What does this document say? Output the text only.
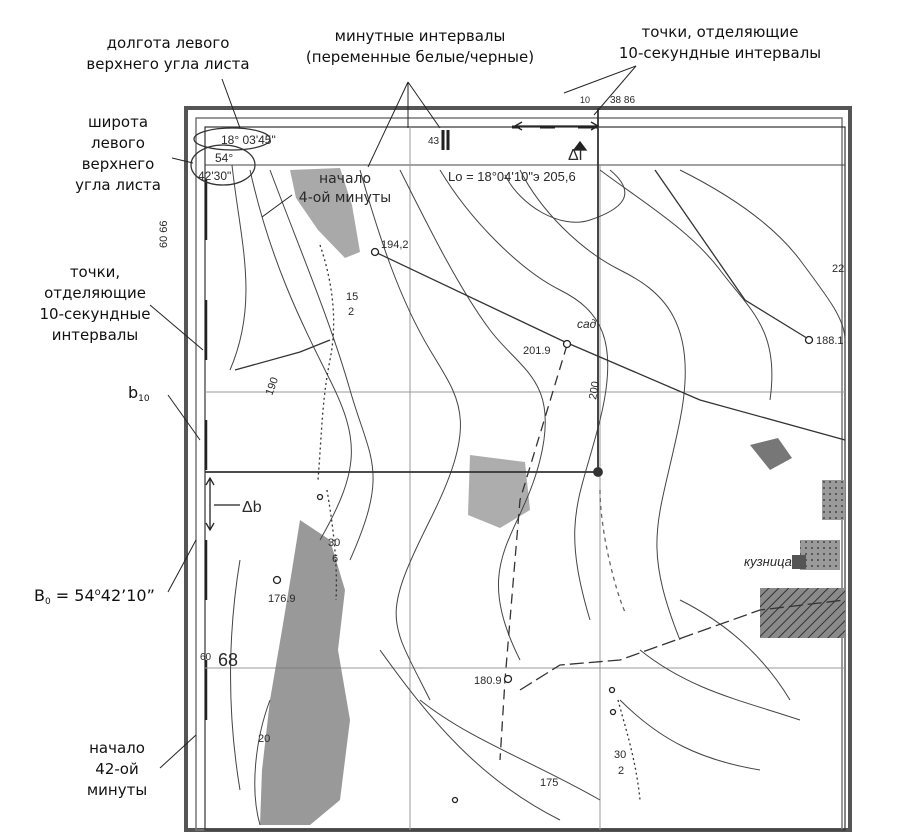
18° 03'45"
54°
42'30"
43
10 38 86
60 66
60 68
Lo = 18°04'10"э 205,6
194,2
201.9
188.1
176.9
180.9
200
175
190
22
15
2
30
6
30
2
20
сад
кузница
Δl
Δb
долгота левого
верхнего угла листа
минутные интервалы
(переменные белые/черные)
точки, отделяющие
10-секундные интервалы
широта
левого
верхнего
угла листа
точки,
отделяющие
10-секундные
интервалы
$b_{10}$
$B_0$ = $54^o42’10$”
начало
42-ой
минуты
начало
4-ой минуты
